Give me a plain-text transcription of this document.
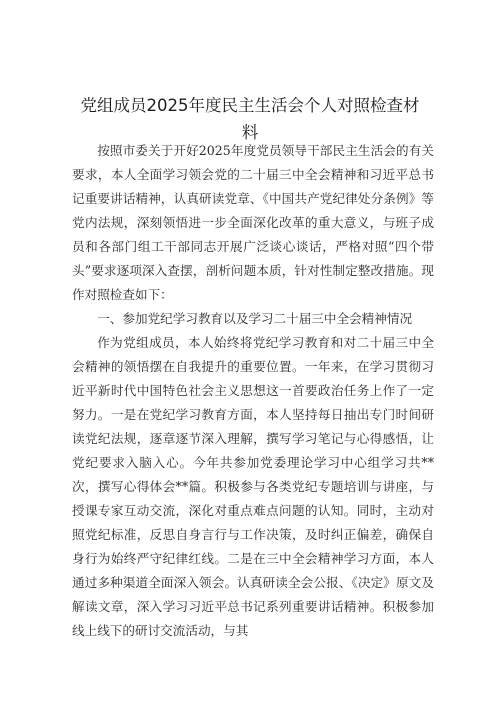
党组成员2025年度民主生活会个人对照检查材
料

按照市委关于开好2025年度党员领导干部民主生活会的有关要求，本人全面学习领会党的二十届三中全会精神和习近平总书记重要讲话精神，认真研读党章、《中国共产党纪律处分条例》等党内法规，深刻领悟进一步全面深化改革的重大意义，与班子成员和各部门组工干部同志开展广泛谈心谈话，严格对照“四个带头”要求逐项深入查摆，剖析问题本质，针对性制定整改措施。现作对照检查如下：

一、参加党纪学习教育以及学习二十届三中全会精神情况

作为党组成员，本人始终将党纪学习教育和对二十届三中全会精神的领悟摆在自我提升的重要位置。一年来，在学习贯彻习近平新时代中国特色社会主义思想这一首要政治任务上作了一定努力。一是在党纪学习教育方面，本人坚持每日抽出专门时间研读党纪法规，逐章逐节深入理解，撰写学习笔记与心得感悟，让党纪要求入脑入心。今年共参加党委理论学习中心组学习共**次，撰写心得体会**篇。积极参与各类党纪专题培训与讲座，与授课专家互动交流，深化对重点难点问题的认知。同时，主动对照党纪标准，反思自身言行与工作决策，及时纠正偏差，确保自身行为始终严守纪律红线。二是在三中全会精神学习方面，本人通过多种渠道全面深入领会。认真研读全会公报、《决定》原文及解读文章，深入学习习近平总书记系列重要讲话精神。积极参加线上线下的研讨交流活动，与其
